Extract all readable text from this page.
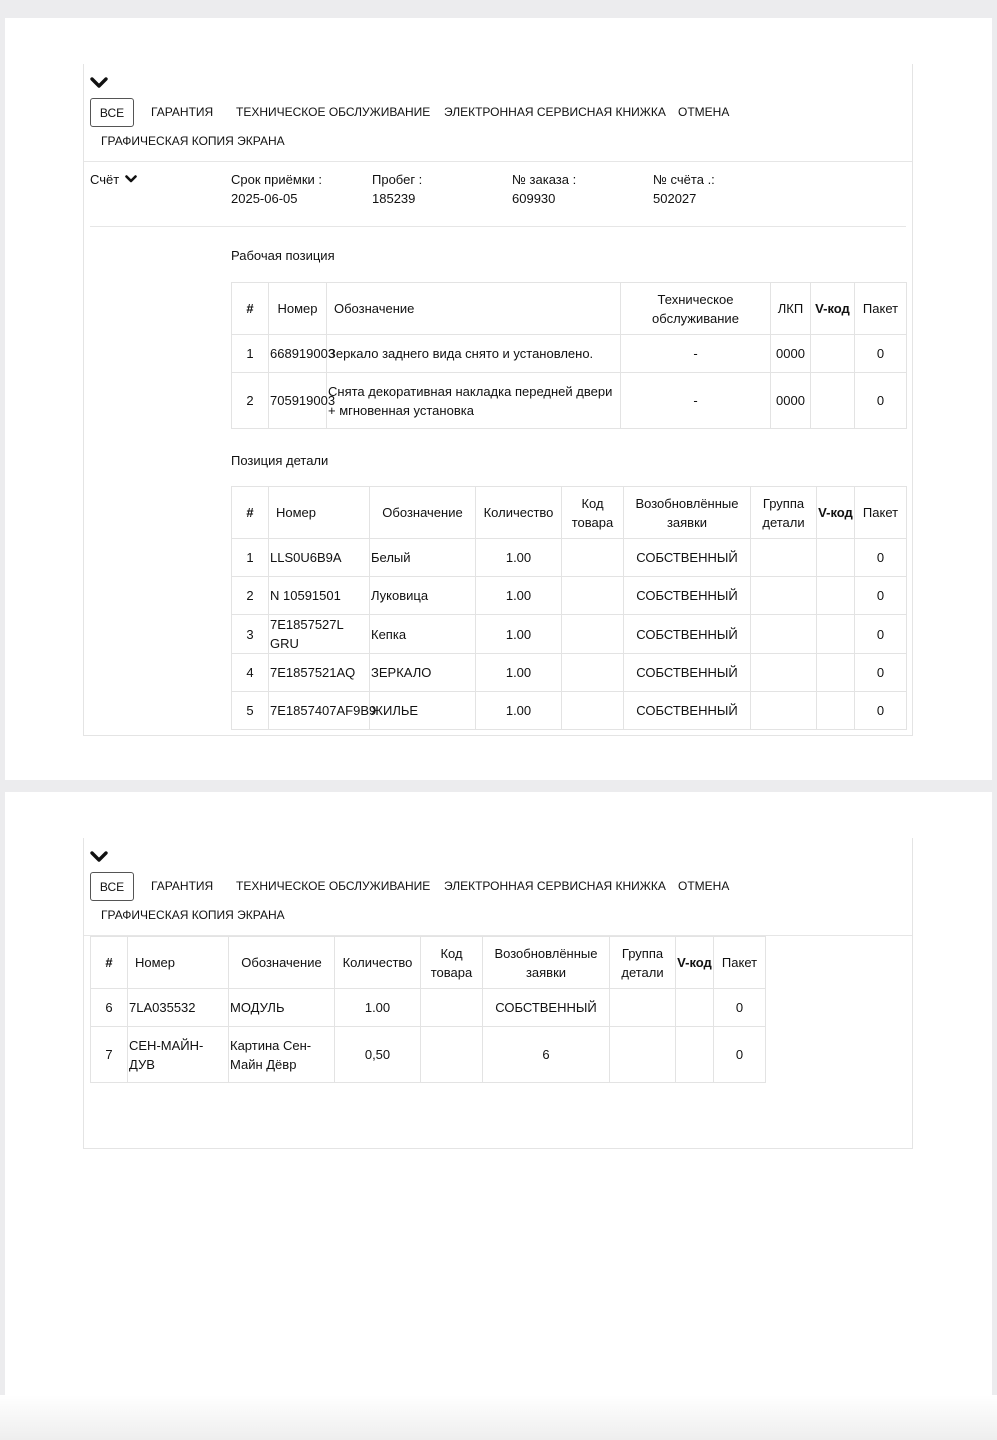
ВСЕ	ГАРАНТИЯ ТЕХНИЧЕСКОЕ ОБСЛУЖИВАНИЕ ЭЛЕКТРОННАЯ СЕРВИСНАЯ КНИЖКА ОТМЕНА
ГРАФИЧЕСКАЯ КОПИЯ ЭКРАНА
Счёт	Срок приёмки :
2025-06-05
Пробег :
185239
№ заказа :
609930
№ счёта .:
502027
Рабочая позиция
#	Номер	Обозначение	Техническое обслуживание	ЛКП	V-код	Пакет
1	668919003	Зеркало заднего вида снято и установлено.	-	0000		0
2	705919003	Снята декоративная накладка передней двери + мгновенная установка	-	0000		0
Позиция детали
#	Номер	Обозначение	Количество	Код товара	Возобновлённые заявки	Группа детали	V-код	Пакет
1	LLS0U6B9A	Белый	1.00		СОБСТВЕННЫЙ			0
2	N 10591501	Луковица	1.00		СОБСТВЕННЫЙ			0
3	7E1857527L GRU	Кепка	1.00		СОБСТВЕННЫЙ			0
4	7E1857521AQ	ЗЕРКАЛО	1.00		СОБСТВЕННЫЙ			0
5	7E1857407AF9B9	ЖИЛЬЕ	1.00		СОБСТВЕННЫЙ			0
ВСЕ	ГАРАНТИЯ ТЕХНИЧЕСКОЕ ОБСЛУЖИВАНИЕ ЭЛЕКТРОННАЯ СЕРВИСНАЯ КНИЖКА ОТМЕНА
ГРАФИЧЕСКАЯ КОПИЯ ЭКРАНА
#	Номер	Обозначение	Количество	Код товара	Возобновлённые заявки	Группа детали	V-код	Пакет
6	7LA035532	МОДУЛЬ	1.00		СОБСТВЕННЫЙ			0
7	СЕН-МАЙН-ДУВ	Картина Сен-Майн Дёвр	0,50		6			0
